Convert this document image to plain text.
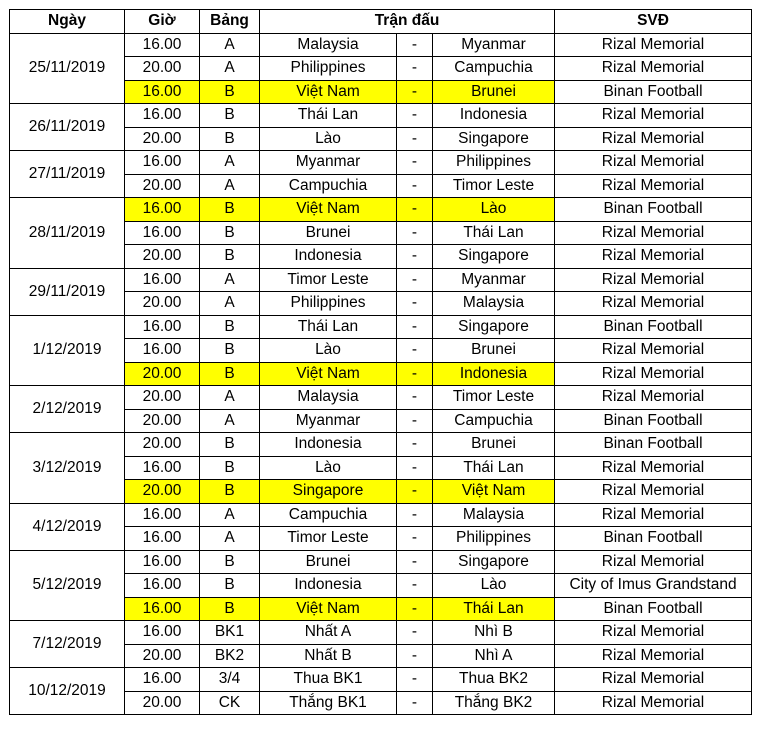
Ngày	Giờ	Bảng	Trận đấu			SVĐ
25/11/2019	16.00	A	Malaysia	-	Myanmar	Rizal Memorial
	20.00	A	Philippines	-	Campuchia	Rizal Memorial
	16.00	B	Việt Nam	-	Brunei	Binan Football
26/11/2019	16.00	B	Thái Lan	-	Indonesia	Rizal Memorial
	20.00	B	Lào	-	Singapore	Rizal Memorial
27/11/2019	16.00	A	Myanmar	-	Philippines	Rizal Memorial
	20.00	A	Campuchia	-	Timor Leste	Rizal Memorial
28/11/2019	16.00	B	Việt Nam	-	Lào	Binan Football
	16.00	B	Brunei	-	Thái Lan	Rizal Memorial
	20.00	B	Indonesia	-	Singapore	Rizal Memorial
29/11/2019	16.00	A	Timor Leste	-	Myanmar	Rizal Memorial
	20.00	A	Philippines	-	Malaysia	Rizal Memorial
1/12/2019	16.00	B	Thái Lan	-	Singapore	Binan Football
	16.00	B	Lào	-	Brunei	Rizal Memorial
	20.00	B	Việt Nam	-	Indonesia	Rizal Memorial
2/12/2019	20.00	A	Malaysia	-	Timor Leste	Rizal Memorial
	20.00	A	Myanmar	-	Campuchia	Binan Football
3/12/2019	20.00	B	Indonesia	-	Brunei	Binan Football
	16.00	B	Lào	-	Thái Lan	Rizal Memorial
	20.00	B	Singapore	-	Việt Nam	Rizal Memorial
4/12/2019	16.00	A	Campuchia	-	Malaysia	Rizal Memorial
	16.00	A	Timor Leste	-	Philippines	Binan Football
5/12/2019	16.00	B	Brunei	-	Singapore	Rizal Memorial
	16.00	B	Indonesia	-	Lào	City of Imus Grandstand
	16.00	B	Việt Nam	-	Thái Lan	Binan Football
7/12/2019	16.00	BK1	Nhất A	-	Nhì B	Rizal Memorial
	20.00	BK2	Nhất B	-	Nhì A	Rizal Memorial
10/12/2019	16.00	3/4	Thua BK1	-	Thua BK2	Rizal Memorial
	20.00	CK	Thắng BK1	-	Thắng BK2	Rizal Memorial
